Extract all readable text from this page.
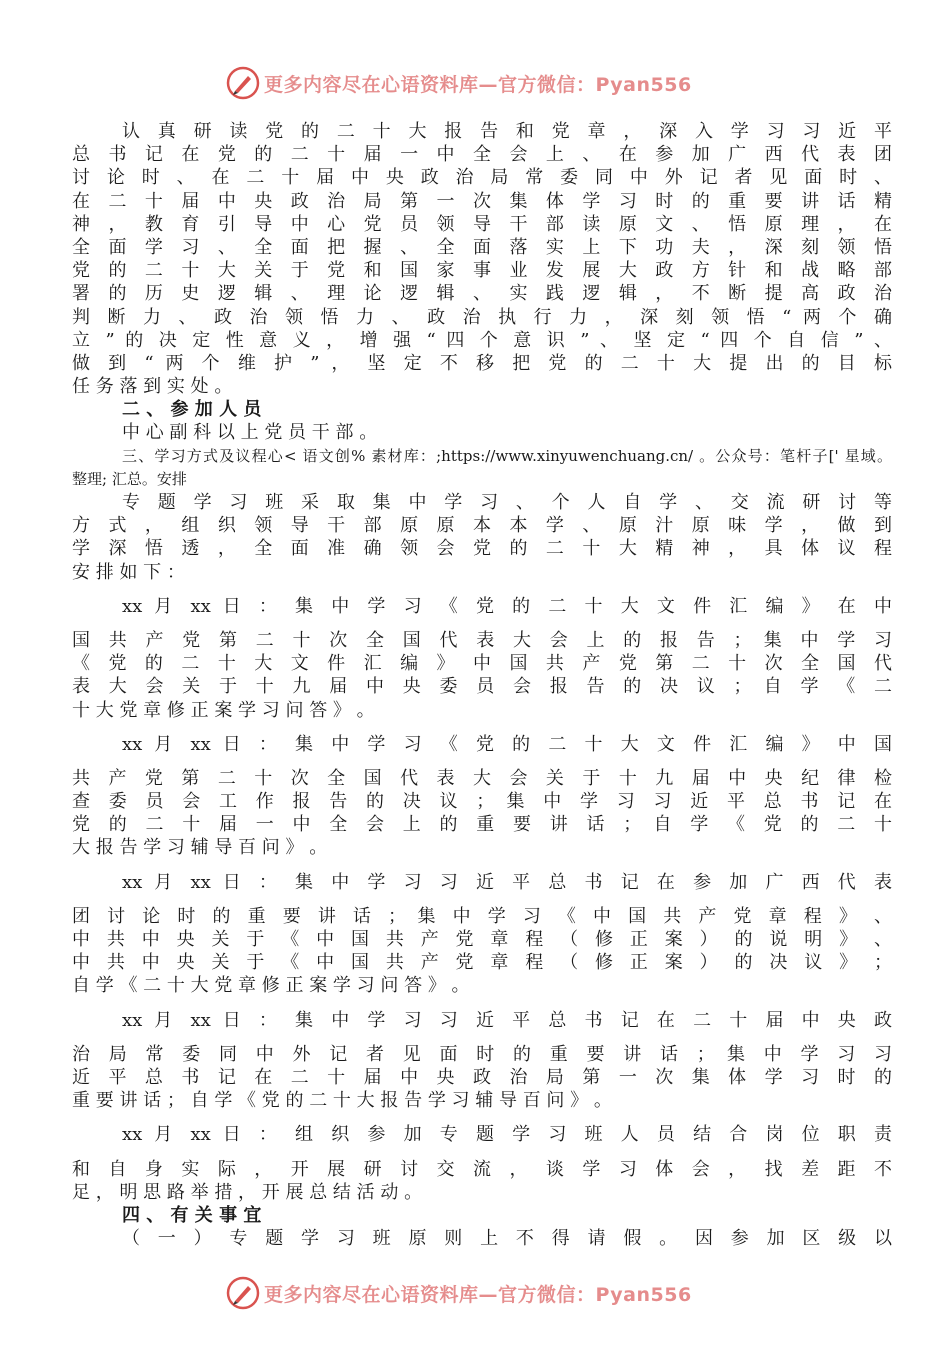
更多内容尽在心语资料库—官方微信：Pyan556
认 真 研 读 党 的 二 十 大 报 告 和 党 章 ， 深 入 学 习 习 近 平
总 书 记 在 党 的 二 十 届 一 中 全 会 上 、 在 参 加 广 西 代 表 团
讨 论 时 、 在 二 十 届 中 央 政 治 局 常 委 同 中 外 记 者 见 面 时 、
在 二 十 届 中 央 政 治 局 第 一 次 集 体 学 习 时 的 重 要 讲 话 精
神 ， 教 育 引 导 中 心 党 员 领 导 干 部 读 原 文 、 悟 原 理 ， 在
全 面 学 习 、 全 面 把 握 、 全 面 落 实 上 下 功 夫 ， 深 刻 领 悟
党 的 二 十 大 关 于 党 和 国 家 事 业 发 展 大 政 方 针 和 战 略 部
署 的 历 史 逻 辑 、 理 论 逻 辑 、 实 践 逻 辑 ， 不 断 提 高 政 治
判 断 力 、 政 治 领 悟 力 、 政 治 执 行 力 ， 深 刻 领 悟 “ 两 个 确
立 ” 的 决 定 性 意 义 ， 增 强 “ 四 个 意 识 ” 、 坚 定 “ 四 个 自 信 ” 、
做 到 “ 两 个 维 护 ” ， 坚 定 不 移 把 党 的 二 十 大 提 出 的 目 标
任 务 落 到 实 处 。
二 、 参 加 人 员
中 心 副 科 以 上 党 员 干 部 。
三、学习方式及议程心< 语文创% 素材库：;https://www.xinyuwenchuang.cn/ 。公众号：笔杆子[' 星域。
整理; 汇总。安排
专 题 学 习 班 采 取 集 中 学 习 、 个 人 自 学 、 交 流 研 讨 等
方 式 ， 组 织 领 导 干 部 原 原 本 本 学 、 原 汁 原 味 学 ， 做 到
学 深 悟 透 ， 全 面 准 确 领 会 党 的 二 十 大 精 神 ， 具 体 议 程
安 排 如 下 ：
xx 月 xx 日 ： 集 中 学 习 《 党 的 二 十 大 文 件 汇 编 》 在 中
国 共 产 党 第 二 十 次 全 国 代 表 大 会 上 的 报 告 ； 集 中 学 习
《 党 的 二 十 大 文 件 汇 编 》 中 国 共 产 党 第 二 十 次 全 国 代
表 大 会 关 于 十 九 届 中 央 委 员 会 报 告 的 决 议 ； 自 学 《 二
十 大 党 章 修 正 案 学 习 问 答 》 。
xx 月 xx 日 ： 集 中 学 习 《 党 的 二 十 大 文 件 汇 编 》 中 国
共 产 党 第 二 十 次 全 国 代 表 大 会 关 于 十 九 届 中 央 纪 律 检
查 委 员 会 工 作 报 告 的 决 议 ； 集 中 学 习 习 近 平 总 书 记 在
党 的 二 十 届 一 中 全 会 上 的 重 要 讲 话 ； 自 学 《 党 的 二 十
大 报 告 学 习 辅 导 百 问 》 。
xx 月 xx 日 ： 集 中 学 习 习 近 平 总 书 记 在 参 加 广 西 代 表
团 讨 论 时 的 重 要 讲 话 ； 集 中 学 习 《 中 国 共 产 党 章 程 》 、
中 共 中 央 关 于 《 中 国 共 产 党 章 程 （ 修 正 案 ） 的 说 明 》 、
中 共 中 央 关 于 《 中 国 共 产 党 章 程 （ 修 正 案 ） 的 决 议 》 ；
自 学 《 二 十 大 党 章 修 正 案 学 习 问 答 》 。
xx 月 xx 日 ： 集 中 学 习 习 近 平 总 书 记 在 二 十 届 中 央 政
治 局 常 委 同 中 外 记 者 见 面 时 的 重 要 讲 话 ； 集 中 学 习 习
近 平 总 书 记 在 二 十 届 中 央 政 治 局 第 一 次 集 体 学 习 时 的
重 要 讲 话 ； 自 学 《 党 的 二 十 大 报 告 学 习 辅 导 百 问 》 。
xx 月 xx 日 ： 组 织 参 加 专 题 学 习 班 人 员 结 合 岗 位 职 责
和 自 身 实 际 ， 开 展 研 讨 交 流 ， 谈 学 习 体 会 ， 找 差 距 不
足 ， 明 思 路 举 措 ， 开 展 总 结 活 动 。
四 、 有 关 事 宜
（ 一 ） 专 题 学 习 班 原 则 上 不 得 请 假 。 因 参 加 区 级 以
更多内容尽在心语资料库—官方微信：Pyan556
